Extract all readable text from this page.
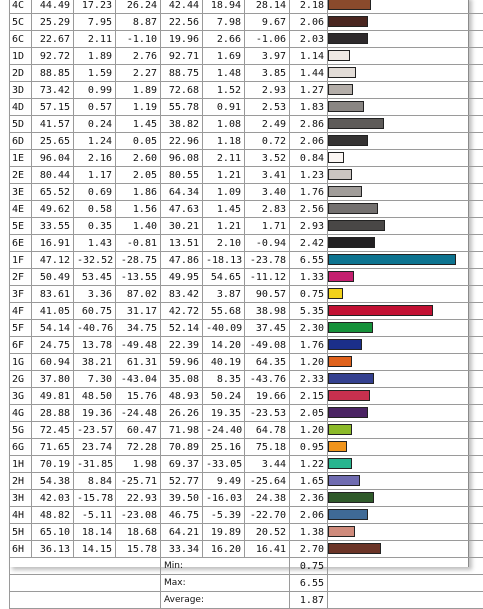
4C	44.49	17.23	26.24	42.44	18.94	28.14	2.18	

5C	25.29	7.95	8.87	22.56	7.98	9.67	2.06	

6C	22.67	2.11	-1.10	19.96	2.66	-1.06	2.03	

1D	92.72	1.89	2.76	92.71	1.69	3.97	1.14	

2D	88.85	1.59	2.27	88.75	1.48	3.85	1.44	

3D	73.42	0.99	1.89	72.68	1.52	2.93	1.27	

4D	57.15	0.57	1.19	55.78	0.91	2.53	1.83	

5D	41.57	0.24	1.45	38.82	1.08	2.49	2.86	

6D	25.65	1.24	0.05	22.96	1.18	0.72	2.06	

1E	96.04	2.16	2.60	96.08	2.11	3.52	0.84	

2E	80.44	1.17	2.05	80.55	1.21	3.41	1.23	

3E	65.52	0.69	1.86	64.34	1.09	3.40	1.76	

4E	49.62	0.58	1.56	47.63	1.45	2.83	2.56	

5E	33.55	0.35	1.40	30.21	1.21	1.71	2.93	

6E	16.91	1.43	-0.81	13.51	2.10	-0.94	2.42	

1F	47.12	-32.52	-28.75	47.86	-18.13	-23.78	6.55	

2F	50.49	53.45	-13.55	49.95	54.65	-11.12	1.33	

3F	83.61	3.36	87.02	83.42	3.87	90.57	0.75	

4F	41.05	60.75	31.17	42.72	55.68	38.98	5.35	

5F	54.14	-40.76	34.75	52.14	-40.09	37.45	2.30	

6F	24.75	13.78	-49.48	22.39	14.20	-49.08	1.76	

1G	60.94	38.21	61.31	59.96	40.19	64.35	1.20	

2G	37.80	7.30	-43.04	35.08	8.35	-43.76	2.33	

3G	49.81	48.50	15.76	48.93	50.24	19.66	2.15	

4G	28.88	19.36	-24.48	26.26	19.35	-23.53	2.05	

5G	72.45	-23.57	60.47	71.98	-24.40	64.78	1.20	

6G	71.65	23.74	72.28	70.89	25.16	75.18	0.95	

1H	70.19	-31.85	1.98	69.37	-33.05	3.44	1.22	

2H	54.38	8.84	-25.71	52.77	9.49	-25.64	1.65	

3H	42.03	-15.78	22.93	39.50	-16.03	24.38	2.36	

4H	48.82	-5.11	-23.08	46.75	-5.39	-22.70	2.06	

5H	65.10	18.14	18.68	64.21	19.89	20.52	1.38	

6H	36.13	14.15	15.78	33.34	16.20	16.41	2.70	

				Min:			0.75	
				Max:			6.55	
				Average:			1.87	
